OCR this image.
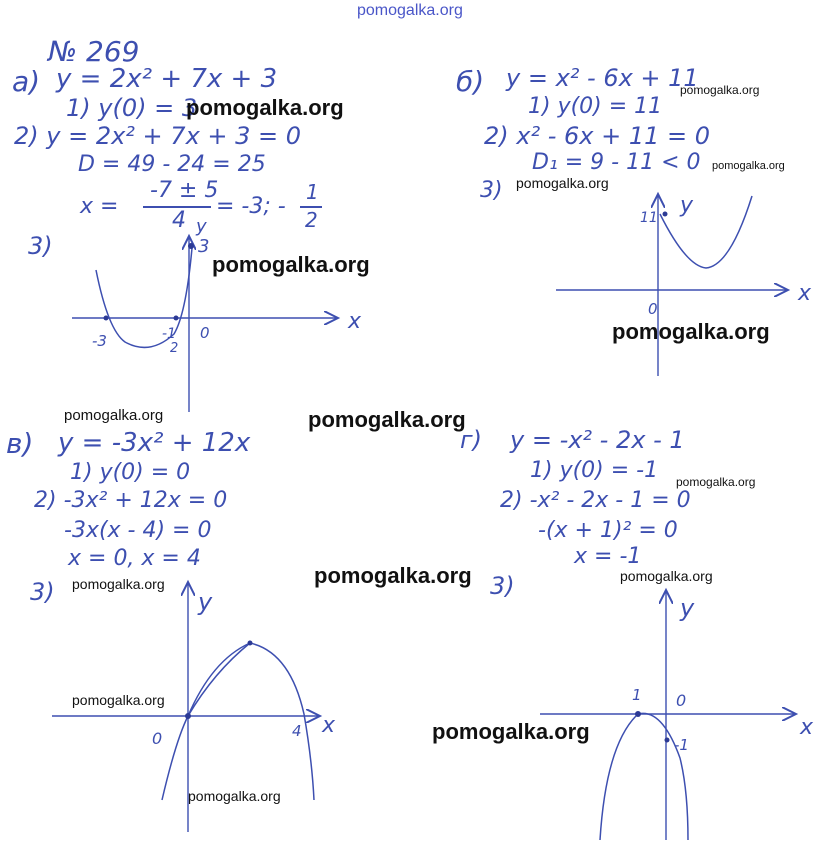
pomogalka.org
№ 269
a) y = 2x² + 7x + 3
1) y(0) = 3
2) y = 2x² + 7x + 3 = 0
D = 49 - 24 = 25
x =
-7 ± 5
4
= -3; -
1
2
3)
б) y = x² - 6x + 11
1) y(0) = 11
2) x² - 6x + 11 = 0
D₁ = 9 - 11 < 0
3)
в) y = -3x² + 12x
1) y(0) = 0
2) -3x² + 12x = 0
-3x(x - 4) = 0
x = 0, x = 4
3)
г) y = -x² - 2x - 1
1) y(0) = -1
2) -x² - 2x - 1 = 0
-(x + 1)² = 0
x = -1
3)
x
y
3
-3	-1
2
0
x
y
11
0
x
y
0	4	x
y
0
1
-1
pomogalka.org
pomogalka.org
pomogalka.org
pomogalka.org
pomogalka.org
pomogalka.org
pomogalka.org
pomogalka.org
pomogalka.org
pomogalka.org
pomogalka.org
pomogalka.org
pomogalka.org
pomogalka.org
pomogalka.org
